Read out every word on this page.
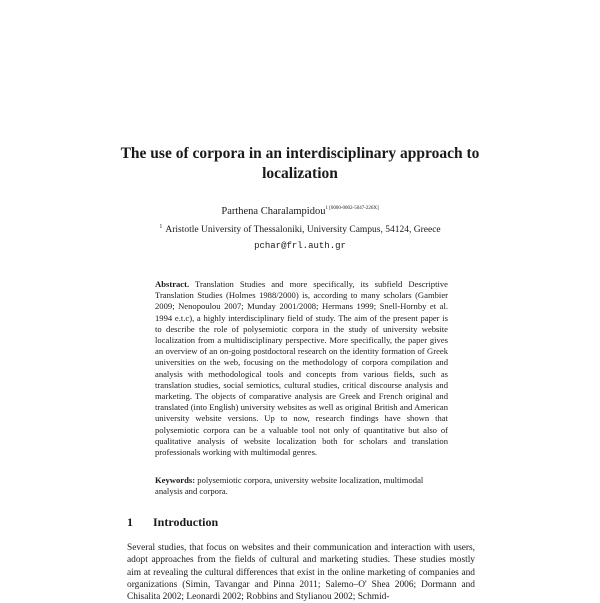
The use of corpora in an interdisciplinary approach to
localization
Parthena Charalampidou$^{1 [0000-0002-5047-226X]}$
$^1$ Aristotle University of Thessaloniki, University Campus, 54124, Greece
pchar@frl.auth.gr

Abstract. Translation Studies and more specifically, its subfield Descriptive Translation Studies (Holmes 1988/2000) is, according to many scholars (Gambier 2009; Nenopoulou 2007; Munday 2001/2008; Hermans 1999; Snell-Hornby et al. 1994 e.t.c), a highly interdisciplinary field of study. The aim of the present paper is to describe the role of polysemiotic corpora in the study of university website localization from a multidisciplinary perspective. More specifically, the paper gives an overview of an on-going postdoctoral research on the identity formation of Greek universities on the web, focusing on the methodology of corpora compilation and analysis with methodological tools and concepts from various fields, such as translation studies, social semiotics, cultural studies, critical discourse analysis and marketing. The objects of comparative analysis are Greek and French original and translated (into English) university websites as well as original British and American university website versions. Up to now, research findings have shown that polysemiotic corpora can be a valuable tool not only of quantitative but also of qualitative analysis of website localization both for scholars and translation professionals working with multimodal genres.

Keywords: polysemiotic corpora, university website localization, multimodal analysis and corpora.

1 Introduction

Several studies, that focus on websites and their communication and interaction with users, adopt approaches from the fields of cultural and marketing studies. These studies mostly aim at revealing the cultural differences that exist in the online marketing of companies and organizations (Simin, Tavangar and Pinna 2011; Salemo–O' Shea 2006; Dormann and Chisalita 2002; Leonardi 2002; Robbins and Stylianou 2002; Schmid-
